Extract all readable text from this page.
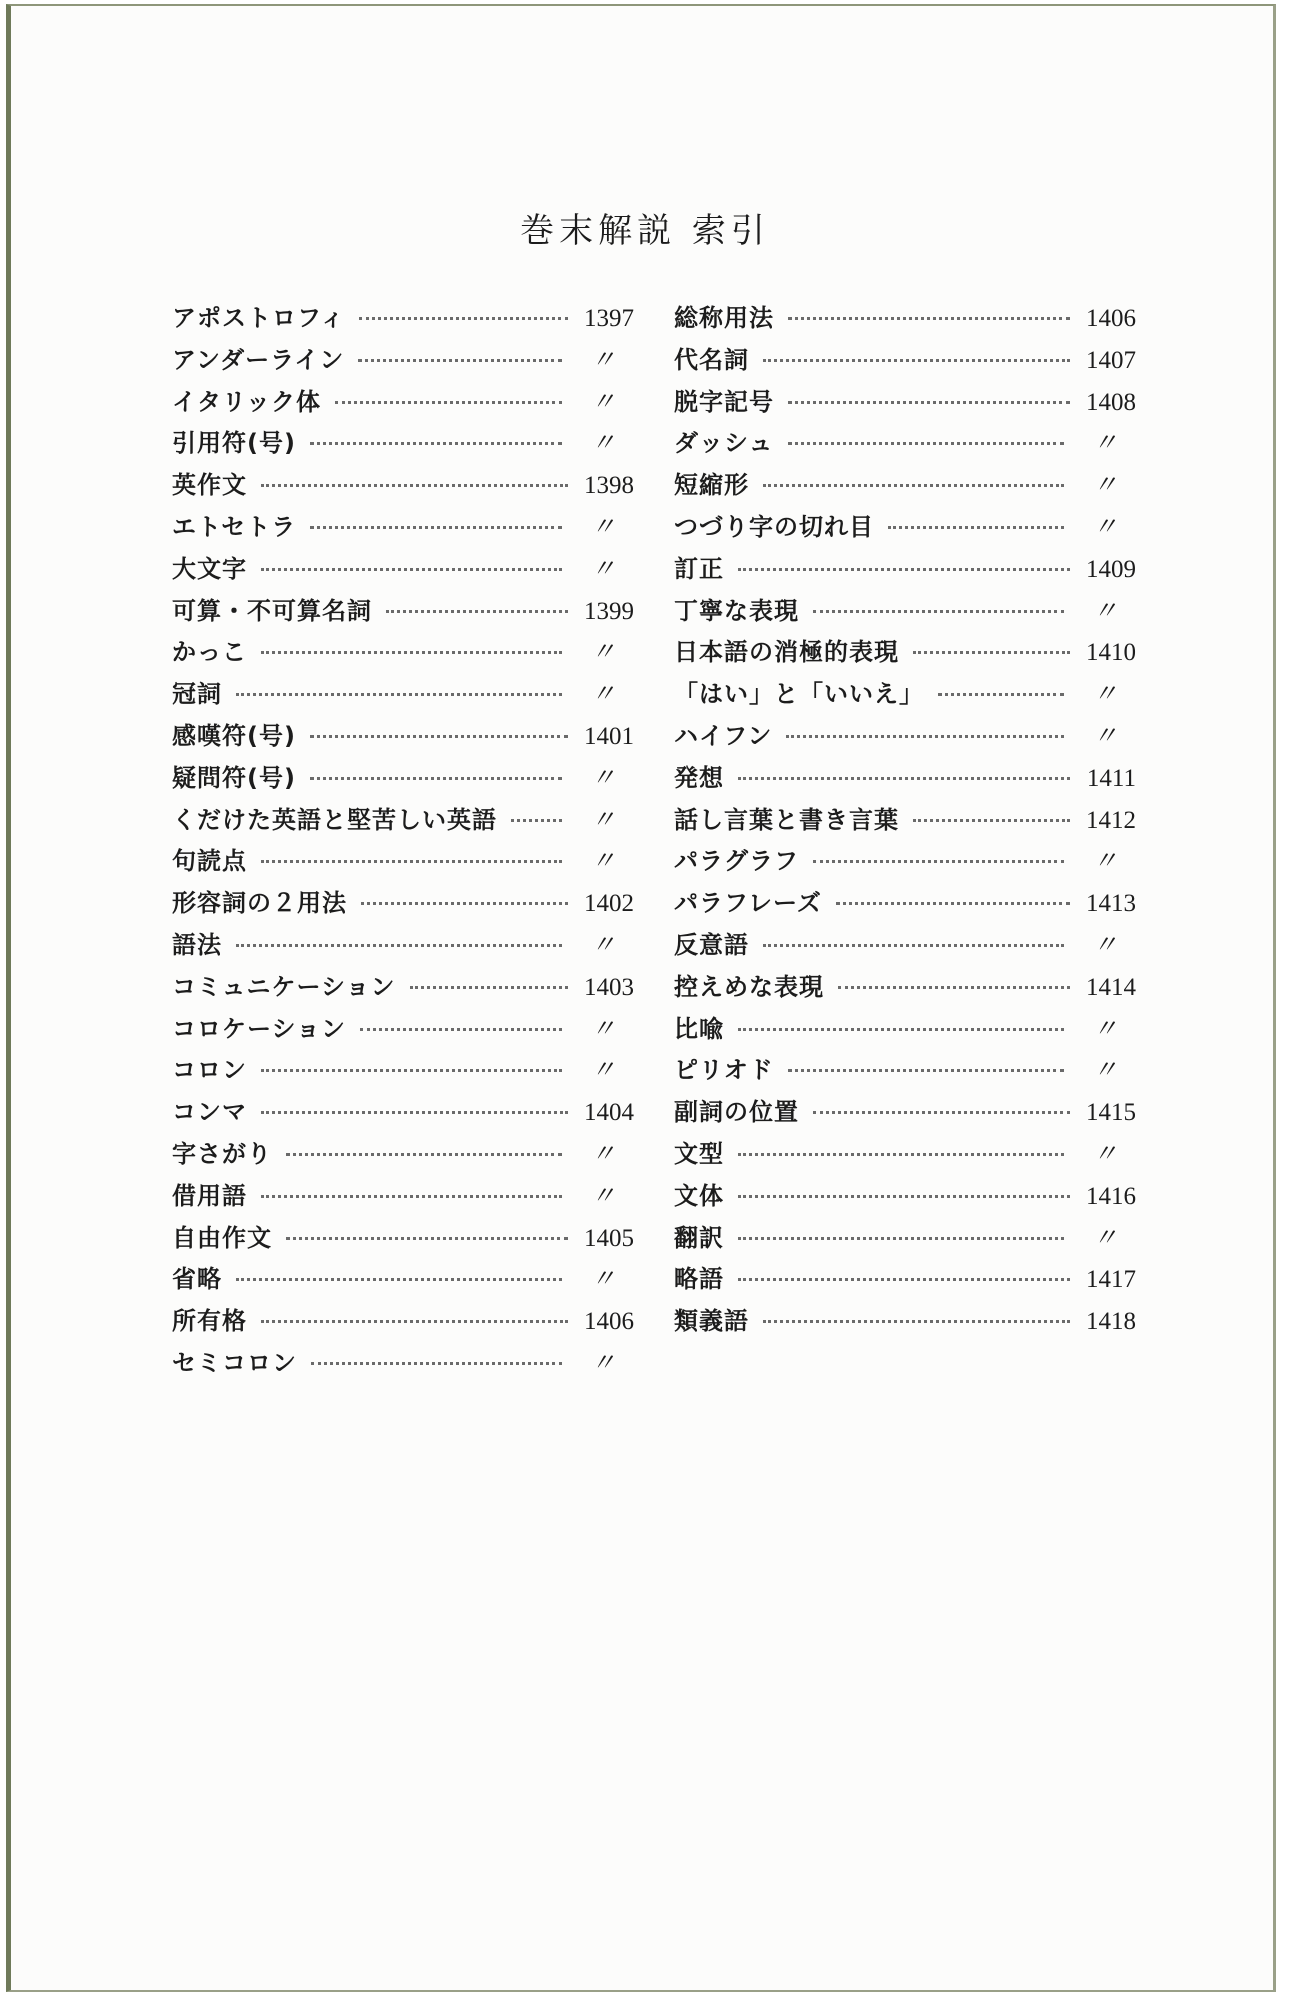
巻末解説 索引
アポストロフィ	1397
アンダーライン	〃
イタリック体	〃
引用符(号)	〃
英作文	1398
エトセトラ	〃
大文字	〃
可算・不可算名詞	1399
かっこ	〃
冠詞	〃
感嘆符(号)	1401
疑問符(号)	〃
くだけた英語と堅苦しい英語	〃
句読点	〃
形容詞の２用法	1402
語法	〃
コミュニケーション	1403
コロケーション	〃
コロン	〃
コンマ	1404
字さがり	〃
借用語	〃
自由作文	1405
省略	〃
所有格	1406
セミコロン	〃
総称用法	1406
代名詞	1407
脱字記号	1408
ダッシュ	〃
短縮形	〃
つづり字の切れ目	〃
訂正	1409
丁寧な表現	〃
日本語の消極的表現	1410
「はい」と「いいえ」	〃
ハイフン	〃
発想	1411
話し言葉と書き言葉	1412
パラグラフ	〃
パラフレーズ	1413
反意語	〃
控えめな表現	1414
比喩	〃
ピリオド	〃
副詞の位置	1415
文型	〃
文体	1416
翻訳	〃
略語	1417
類義語	1418
